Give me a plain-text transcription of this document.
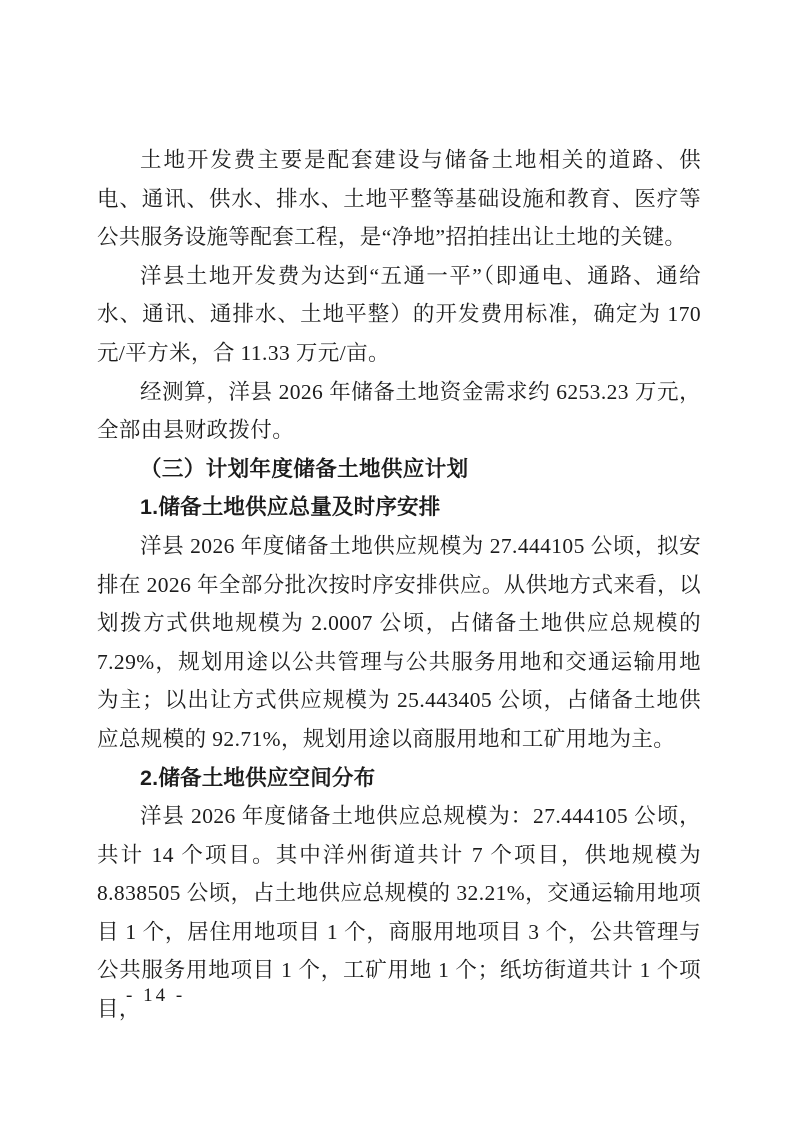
土地开发费主要是配套建设与储备土地相关的道路、供电、通讯、供水、排水、土地平整等基础设施和教育、医疗等公共服务设施等配套工程，是“净地”招拍挂出让土地的关键。

洋县土地开发费为达到“五通一平”（即通电、通路、通给水、通讯、通排水、土地平整）的开发费用标准，确定为 170 元/平方米，合 11.33 万元/亩。

经测算，洋县 2026 年储备土地资金需求约 6253.23 万元，全部由县财政拨付。

（三）计划年度储备土地供应计划

1.储备土地供应总量及时序安排

洋县 2026 年度储备土地供应规模为 27.444105 公顷，拟安排在 2026 年全部分批次按时序安排供应。从供地方式来看，以划拨方式供地规模为 2.0007 公顷，占储备土地供应总规模的 7.29%，规划用途以公共管理与公共服务用地和交通运输用地为主；以出让方式供应规模为 25.443405 公顷，占储备土地供应总规模的 92.71%，规划用途以商服用地和工矿用地为主。

2.储备土地供应空间分布

洋县 2026 年度储备土地供应总规模为：27.444105 公顷，共计 14 个项目。其中洋州街道共计 7 个项目，供地规模为 8.838505 公顷，占土地供应总规模的 32.21%，交通运输用地项目 1 个，居住用地项目 1 个，商服用地项目 3 个，公共管理与公共服务用地项目 1 个，工矿用地 1 个；纸坊街道共计 1 个项目，

- 14 -
